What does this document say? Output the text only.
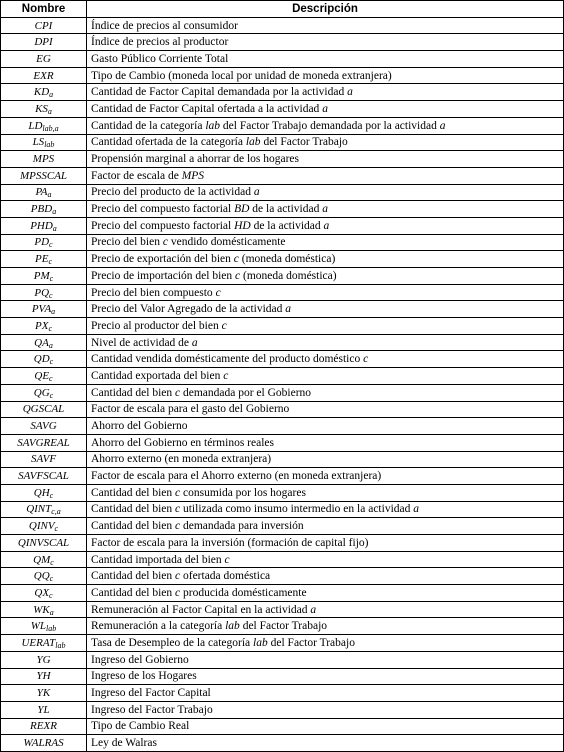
Nombre	Descripción
CPI	Índice de precios al consumidor
DPI	Índice de precios al productor
EG	Gasto Público Corriente Total
EXR	Tipo de Cambio (moneda local por unidad de moneda extranjera)
$KD_a$	Cantidad de Factor Capital demandada por la actividad a
$KS_a$	Cantidad de Factor Capital ofertada a la actividad a
$LD_{lab,a}$	Cantidad de la categoría lab del Factor Trabajo demandada por la actividad a
$LS_{lab}$	Cantidad ofertada de la categoría lab del Factor Trabajo
MPS	Propensión marginal a ahorrar de los hogares
MPSSCAL	Factor de escala de MPS
$PA_a$	Precio del producto de la actividad a
$PBD_a$	Precio del compuesto factorial BD de la actividad a
$PHD_a$	Precio del compuesto factorial HD de la actividad a
$PD_c$	Precio del bien c vendido domésticamente
$PE_c$	Precio de exportación del bien c (moneda doméstica)
$PM_c$	Precio de importación del bien c (moneda doméstica)
$PQ_c$	Precio del bien compuesto c
$PVA_a$	Precio del Valor Agregado de la actividad a
$PX_c$	Precio al productor del bien c
$QA_a$	Nivel de actividad de a
$QD_c$	Cantidad vendida domésticamente del producto doméstico c
$QE_c$	Cantidad exportada del bien c
$QG_c$	Cantidad del bien c demandada por el Gobierno
QGSCAL	Factor de escala para el gasto del Gobierno
SAVG	Ahorro del Gobierno
SAVGREAL	Ahorro del Gobierno en términos reales
SAVF	Ahorro externo (en moneda extranjera)
SAVFSCAL	Factor de escala para el Ahorro externo (en moneda extranjera)
$QH_c$	Cantidad del bien c consumida por los hogares
$QINT_{c,a}$	Cantidad del bien c utilizada como insumo intermedio en la actividad a
$QINV_c$	Cantidad del bien c demandada para inversión
QINVSCAL	Factor de escala para la inversión (formación de capital fijo)
$QM_c$	Cantidad importada del bien c
$QQ_c$	Cantidad del bien c ofertada doméstica
$QX_c$	Cantidad del bien c producida domésticamente
$WK_a$	Remuneración al Factor Capital en la actividad a
$WL_{lab}$	Remuneración a la categoría lab del Factor Trabajo
$UERAT_{lab}$	Tasa de Desempleo de la categoría lab del Factor Trabajo
YG	Ingreso del Gobierno
YH	Ingreso de los Hogares
YK	Ingreso del Factor Capital
YL	Ingreso del Factor Trabajo
REXR	Tipo de Cambio Real
WALRAS	Ley de Walras
